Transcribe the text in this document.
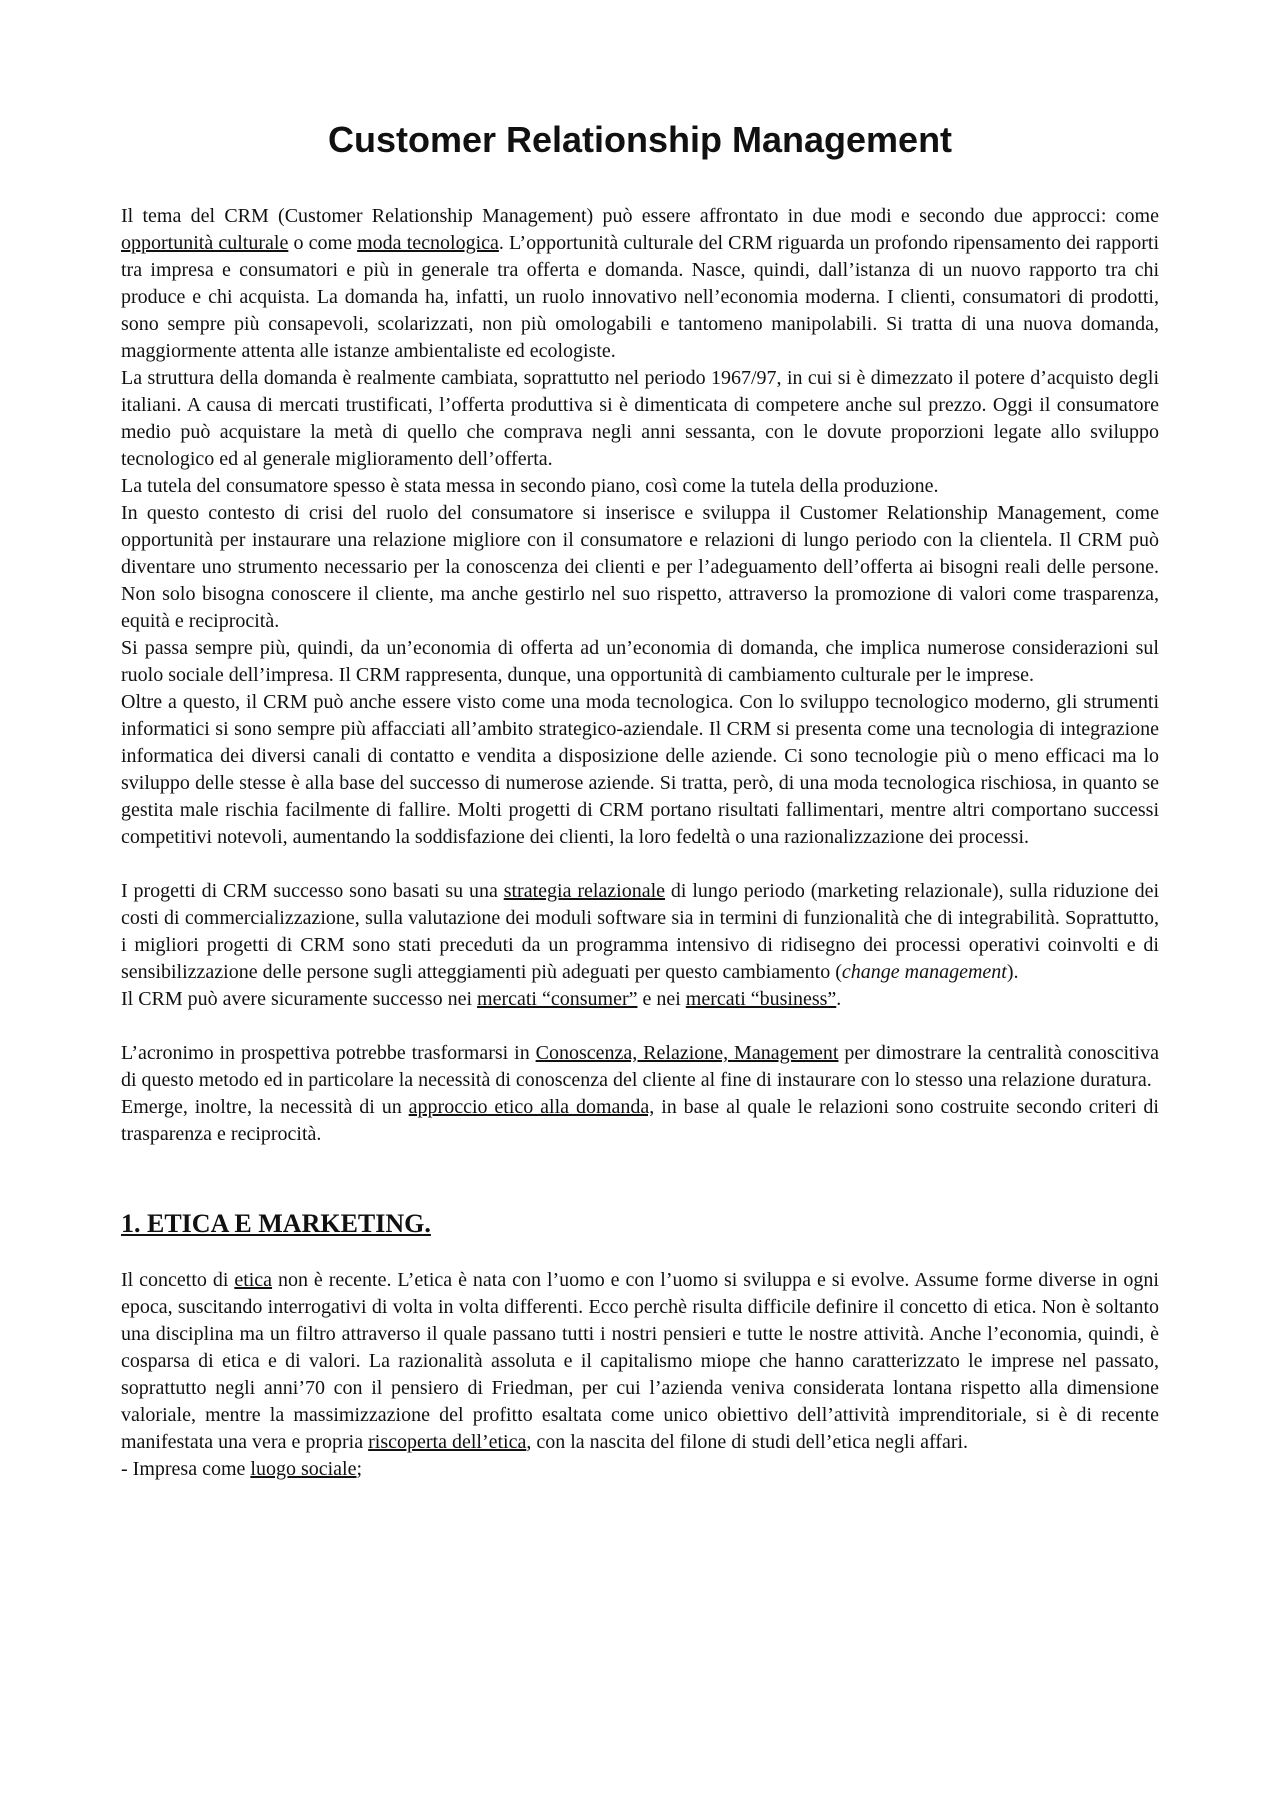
Customer Relationship Management

Il tema del CRM (Customer Relationship Management) può essere affrontato in due modi e secondo due approcci: come opportunità culturale o come moda tecnologica. L’opportunità culturale del CRM riguarda un profondo ripensamento dei rapporti tra impresa e consumatori e più in generale tra offerta e domanda. Nasce, quindi, dall’istanza di un nuovo rapporto tra chi produce e chi acquista. La domanda ha, infatti, un ruolo innovativo nell’economia moderna. I clienti, consumatori di prodotti, sono sempre più consapevoli, scolarizzati, non più omologabili e tantomeno manipolabili. Si tratta di una nuova domanda, maggiormente attenta alle istanze ambientaliste ed ecologiste.

La struttura della domanda è realmente cambiata, soprattutto nel periodo 1967/97, in cui si è dimezzato il potere d’acquisto degli italiani. A causa di mercati trustificati, l’offerta produttiva si è dimenticata di competere anche sul prezzo. Oggi il consumatore medio può acquistare la metà di quello che comprava negli anni sessanta, con le dovute proporzioni legate allo sviluppo tecnologico ed al generale miglioramento dell’offerta.

La tutela del consumatore spesso è stata messa in secondo piano, così come la tutela della produzione.

In questo contesto di crisi del ruolo del consumatore si inserisce e sviluppa il Customer Relationship Management, come opportunità per instaurare una relazione migliore con il consumatore e relazioni di lungo periodo con la clientela. Il CRM può diventare uno strumento necessario per la conoscenza dei clienti e per l’adeguamento dell’offerta ai bisogni reali delle persone. Non solo bisogna conoscere il cliente, ma anche gestirlo nel suo rispetto, attraverso la promozione di valori come trasparenza, equità e reciprocità.

Si passa sempre più, quindi, da un’economia di offerta ad un’economia di domanda, che implica numerose considerazioni sul ruolo sociale dell’impresa. Il CRM rappresenta, dunque, una opportunità di cambiamento culturale per le imprese.

Oltre a questo, il CRM può anche essere visto come una moda tecnologica. Con lo sviluppo tecnologico moderno, gli strumenti informatici si sono sempre più affacciati all’ambito strategico-aziendale. Il CRM si presenta come una tecnologia di integrazione informatica dei diversi canali di contatto e vendita a disposizione delle aziende. Ci sono tecnologie più o meno efficaci ma lo sviluppo delle stesse è alla base del successo di numerose aziende. Si tratta, però, di una moda tecnologica rischiosa, in quanto se gestita male rischia facilmente di fallire. Molti progetti di CRM portano risultati fallimentari, mentre altri comportano successi competitivi notevoli, aumentando la soddisfazione dei clienti, la loro fedeltà o una razionalizzazione dei processi.

I progetti di CRM successo sono basati su una strategia relazionale di lungo periodo (marketing relazionale), sulla riduzione dei costi di commercializzazione, sulla valutazione dei moduli software sia in termini di funzionalità che di integrabilità. Soprattutto, i migliori progetti di CRM sono stati preceduti da un programma intensivo di ridisegno dei processi operativi coinvolti e di sensibilizzazione delle persone sugli atteggiamenti più adeguati per questo cambiamento (change management).

Il CRM può avere sicuramente successo nei mercati “consumer” e nei mercati “business”.

L’acronimo in prospettiva potrebbe trasformarsi in Conoscenza, Relazione, Management per dimostrare la centralità conoscitiva di questo metodo ed in particolare la necessità di conoscenza del cliente al fine di instaurare con lo stesso una relazione duratura.

Emerge, inoltre, la necessità di un approccio etico alla domanda, in base al quale le relazioni sono costruite secondo criteri di trasparenza e reciprocità.

1. ETICA E MARKETING.

Il concetto di etica non è recente. L’etica è nata con l’uomo e con l’uomo si sviluppa e si evolve. Assume forme diverse in ogni epoca, suscitando interrogativi di volta in volta differenti. Ecco perchè risulta difficile definire il concetto di etica. Non è soltanto una disciplina ma un filtro attraverso il quale passano tutti i nostri pensieri e tutte le nostre attività. Anche l’economia, quindi, è cosparsa di etica e di valori. La razionalità assoluta e il capitalismo miope che hanno caratterizzato le imprese nel passato, soprattutto negli anni’70 con il pensiero di Friedman, per cui l’azienda veniva considerata lontana rispetto alla dimensione valoriale, mentre la massimizzazione del profitto esaltata come unico obiettivo dell’attività imprenditoriale, si è di recente manifestata una vera e propria riscoperta dell’etica, con la nascita del filone di studi dell’etica negli affari.

- Impresa come luogo sociale;
